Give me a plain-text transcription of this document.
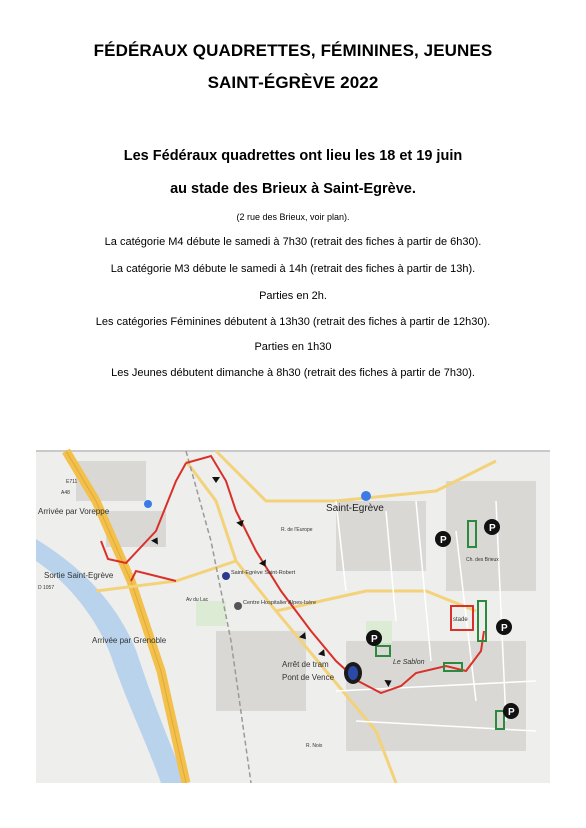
FÉDÉRAUX QUADRETTES, FÉMININES, JEUNES
SAINT-ÉGRÈVE 2022
Les Fédéraux quadrettes ont lieu les 18 et 19 juin
au stade des Brieux à Saint-Egrève.
(2 rue des Brieux, voir plan).
La catégorie M4 débute le samedi à 7h30 (retrait des fiches à partir de 6h30).
La catégorie M3 débute le samedi à 14h (retrait des fiches à partir de 13h).
Parties en 2h.
Les catégories Féminines débutent à 13h30 (retrait des fiches à partir de 12h30).
Parties en 1h30
Les Jeunes débutent dimanche à 8h30 (retrait des fiches à partir de 7h30).
Saint-Egrève
Arrivée par Voreppe
Sortie Saint-Egrève
Arrivée par Grenoble
Arrêt de tram
Pont de Vence
stade
Le Sablon
Saint-Egrève Saint-Robert
Centre Hospitalier Alpes-Isère
A48
E711
D 1057
Av du Lac
R. de l'Europe
Ch. des Brieux
R. Noix
P
P
P
P
P
